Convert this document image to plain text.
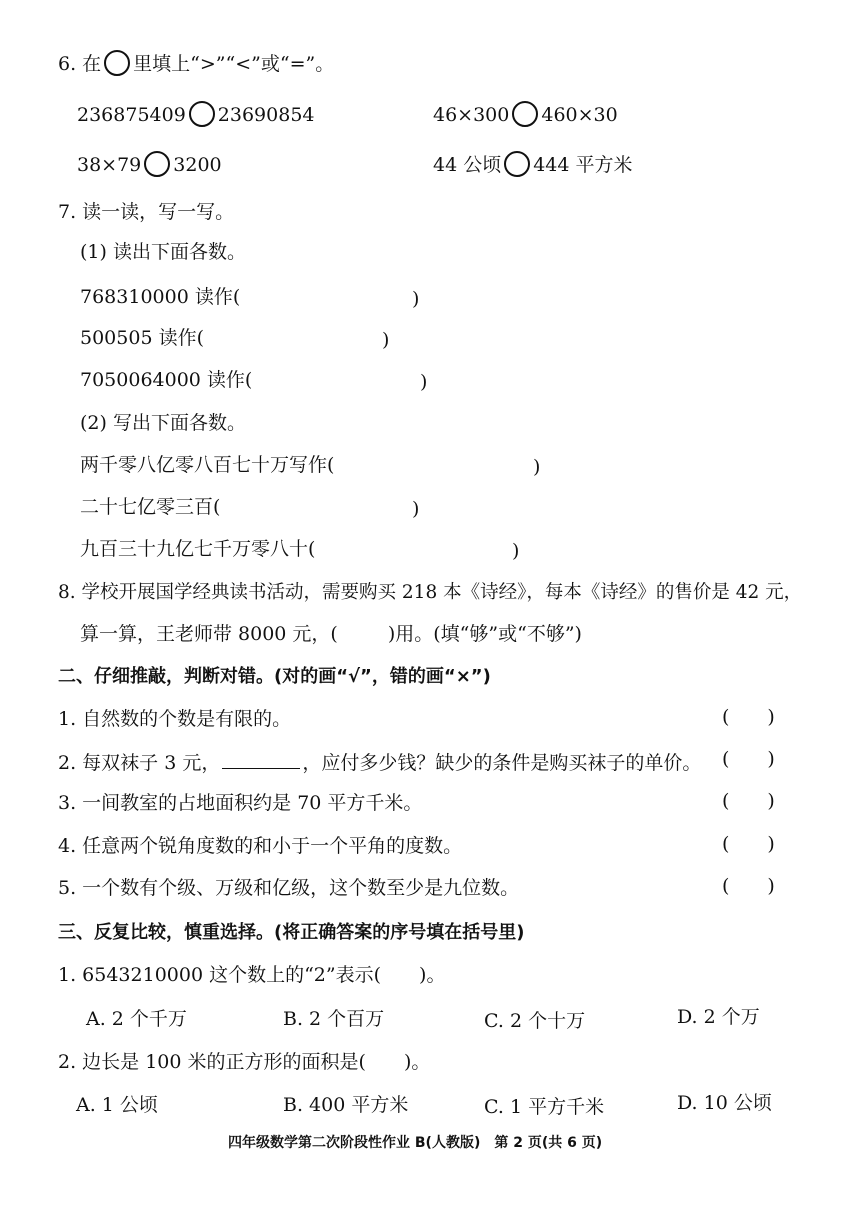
6. 在 里填上“>”“<”或“=”。
236875409 23690854	46×300 460×30
38×79 3200	44 公顷 444 平方米
7. 读一读，写一写。
(1) 读出下面各数。
768310000 读作(	)
500505 读作(	)
7050064000 读作(	)
(2) 写出下面各数。
两千零八亿零八百七十万写作(	)
二十七亿零三百(	)
九百三十九亿七千万零八十(	)
8. 学校开展国学经典读书活动，需要购买 218 本《诗经》，每本《诗经》的售价是 42 元，
算一算，王老师带 8000 元，(	)用。(填“够”或“不够”)
二、仔细推敲，判断对错。(对的画“√”，错的画“×”)
1. 自然数的个数是有限的。	(　　)
2. 每双袜子 3 元，	，应付多少钱？缺少的条件是购买袜子的单价。 (　　)
3. 一间教室的占地面积约是 70 平方千米。	(　　)
4. 任意两个锐角度数的和小于一个平角的度数。	(　　)
5. 一个数有个级、万级和亿级，这个数至少是九位数。	(　　)
三、反复比较，慎重选择。(将正确答案的序号填在括号里)
1. 6543210000 这个数上的“2”表示( )。
A. 2 个千万	B. 2 个百万	C. 2 个十万	D. 2 个万
2. 边长是 100 米的正方形的面积是( )。
A. 1 公顷	B. 400 平方米	C. 1 平方千米	D. 10 公顷
四年级数学第二次阶段性作业 B(人教版)　第 2 页(共 6 页)
